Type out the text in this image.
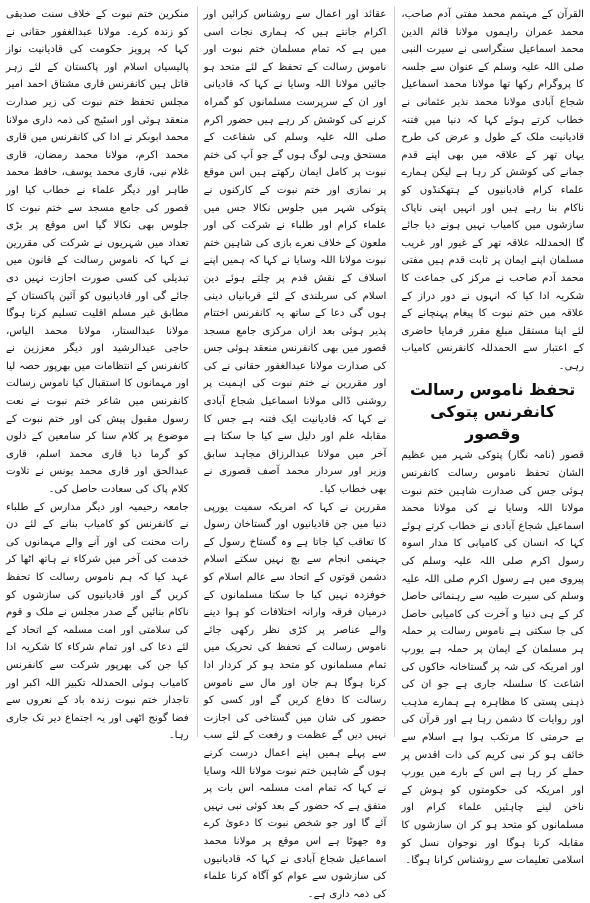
القرآن کے مہتمم محمد مفتی آدم صاحب، محمد عمران راہموں مولانا قائم الدین محمد اسماعیل سنگراسی نے سیرت النبی صلی اللہ علیہ وسلم کے عنوان سے جلسہ کا پروگرام رکھا تھا مولانا محمد اسماعیل شجاع آبادی مولانا محمد نذیر عثمانی نے خطاب کرتے ہوئے کہا کہ دنیا میں فتنہ قادیانیت ملک کے طول و عرض کی طرح یہاں تھر کے علاقہ میں بھی اپنے قدم جمانے کی کوشش کر رہا ہے لیکن ہمارے علماء کرام قادیانیوں کے ہتھکنڈوں کو ناکام بنا رہے ہیں اور انہیں اپنی ناپاک سازشوں میں کامیاب نہیں ہونے دیا جائے گا الحمدللہ علاقہ تھر کے غیور اور غریب مسلمان اپنے ایمان پر ثابت قدم ہیں مفتی محمد آدم صاحب نے مرکز کی جماعت کا شکریہ ادا کیا کہ انہوں نے دور دراز کے علاقہ میں ختم نبوت کا پیغام پہنچانے کے لئے اپنا مستقل مبلغ مقرر فرمایا حاضری کے اعتبار سے الحمدللہ کانفرنس کامیاب رہی۔

تحفظ ناموس رسالت کانفرنس پتوکی وقصور

قصور (نامہ نگار) پتوکی شہر میں عظیم الشان تحفظ ناموس رسالت کانفرنس ہوئی جس کی صدارت شاہین ختم نبوت مولانا اللہ وسایا نے کی مولانا محمد اسماعیل شجاع آبادی نے خطاب کرتے ہوئے کہا کہ انسان کی کامیابی کا مدار اسوہ رسول اکرم صلی اللہ علیہ وسلم کی پیروی میں ہے رسول اکرم صلی اللہ علیہ وسلم کی سیرت طیبہ سے رہنمائی حاصل کر کے ہی دنیا و آخرت کی کامیابی حاصل کی جا سکتی ہے ناموس رسالت پر حملہ ہر مسلمان کے ایمان پر حملہ ہے یورپ اور امریکہ کی شہ پر گستاخانہ خاکوں کی اشاعت کا سلسلہ جاری ہے جو ان کی ذہنی پستی کا مظاہرہ ہے ہمارے مذہب اور روایات کا دشمن رہا ہے اور قرآن کی بے حرمتی کا مرتکب ہوا ہے اسلام سے خائف ہو کر نبی کریم کی ذات اقدس پر حملے کر رہا ہے اس کے بارے میں یورپ اور امریکہ کی حکومتوں کو ہوش کے ناخن لینے چاہئیں علماء کرام اور مسلمانوں کو متحد ہو کر ان سازشوں کا مقابلہ کرنا ہوگا اور نوجوان نسل کو اسلامی تعلیمات سے روشناس کرانا ہوگا۔

عقائد اور اعمال سے روشناس کرائیں اور اکرام جانتے ہیں کہ ہماری نجات اسی میں ہے کہ تمام مسلمان ختم نبوت اور ناموس رسالت کے تحفظ کے لئے متحد ہو جائیں مولانا اللہ وسایا نے کہا کہ قادیانی اور ان کے سرپرست مسلمانوں کو گمراہ کرنے کی کوشش کر رہے ہیں حضور اکرم صلی اللہ علیہ وسلم کی شفاعت کے مستحق وہی لوگ ہوں گے جو آپ کی ختم نبوت پر کامل ایمان رکھتے ہیں اس موقع پر نمازی اور ختم نبوت کے کارکنوں نے پتوکی شہر میں جلوس نکالا جس میں علماء کرام اور طلباء نے شرکت کی اور ملعون کے خلاف نعرے بازی کی شاہین ختم نبوت مولانا اللہ وسایا نے کہا کہ ہمیں اپنے اسلاف کے نقش قدم پر چلتے ہوئے دین اسلام کی سربلندی کے لئے قربانیاں دینی ہوں گی دعا کے ساتھ یہ کانفرنس اختتام پذیر ہوئی بعد ازاں مرکزی جامع مسجد قصور میں بھی کانفرنس منعقد ہوئی جس کی صدارت مولانا عبدالغفور حقانی نے کی اور مقررین نے ختم نبوت کی اہمیت پر روشنی ڈالی مولانا اسماعیل شجاع آبادی نے کہا کہ قادیانیت ایک فتنہ ہے جس کا مقابلہ علم اور دلیل سے کیا جا سکتا ہے آخر میں مولانا عبدالرزاق مجاہد سابق وزیر اور سردار محمد آصف قصوری نے بھی خطاب کیا۔

مقررین نے کہا کہ امریکہ سمیت یورپی دنیا میں جن قادیانیوں اور گستاخان رسول کا تعاقب کیا جاتا ہے وہ گستاخ رسول کے جہنمی انجام سے بچ نہیں سکتے اسلام دشمن قوتوں کے اتحاد سے عالم اسلام کو خوفزدہ نہیں کیا جا سکتا مسلمانوں کے درمیان فرقہ وارانہ اختلافات کو ہوا دینے والے عناصر پر کڑی نظر رکھی جائے ناموس رسالت کے تحفظ کی تحریک میں تمام مسلمانوں کو متحد ہو کر کردار ادا کرنا ہوگا ہم جان اور مال سے ناموس رسالت کا دفاع کریں گے اور کسی کو حضور کی شان میں گستاخی کی اجازت نہیں دیں گے عظمت و رفعت کے لئے سب سے پہلے ہمیں اپنے اعمال درست کرنے ہوں گے شاہین ختم نبوت مولانا اللہ وسایا نے کہا کہ تمام امت مسلمہ اس بات پر متفق ہے کہ حضور کے بعد کوئی نبی نہیں آئے گا اور جو شخص نبوت کا دعویٰ کرے وہ جھوٹا ہے اس موقع پر مولانا محمد اسماعیل شجاع آبادی نے کہا کہ قادیانیوں کی سازشوں سے عوام کو آگاہ کرنا علماء کی ذمہ داری ہے۔

منکرین ختم نبوت کے خلاف سنت صدیقی کو زندہ کرے۔ مولانا عبدالغفور حقانی نے کہا کہ پرویز حکومت کی قادیانیت نواز پالیسیاں اسلام اور پاکستان کے لئے زہر قاتل ہیں کانفرنس قاری مشتاق احمد امیر مجلس تحفظ ختم نبوت کی زیر صدارت منعقد ہوئی اور اسٹیج کی ذمہ داری مولانا محمد ابوبکر نے ادا کی کانفرنس میں قاری محمد اکرم، مولانا محمد رمضان، قاری غلام نبی، قاری محمد یوسف، حافظ محمد طاہر اور دیگر علماء نے خطاب کیا اور قصور کی جامع مسجد سے ختم نبوت کا جلوس بھی نکالا گیا اس موقع پر بڑی تعداد میں شہریوں نے شرکت کی مقررین نے کہا کہ ناموس رسالت کے قانون میں تبدیلی کی کسی صورت اجازت نہیں دی جائے گی اور قادیانیوں کو آئین پاکستان کے مطابق غیر مسلم اقلیت تسلیم کرنا ہوگا مولانا عبدالستار، مولانا محمد الیاس، حاجی عبدالرشید اور دیگر معززین نے کانفرنس کے انتظامات میں بھرپور حصہ لیا اور مہمانوں کا استقبال کیا ناموس رسالت کانفرنس میں شاعر ختم نبوت نے نعت رسول مقبول پیش کی اور ختم نبوت کے موضوع پر کلام سنا کر سامعین کے دلوں کو گرما دیا قاری محمد اسلم، قاری عبدالحق اور قاری محمد یونس نے تلاوت کلام پاک کی سعادت حاصل کی۔

جامعہ رحیمیہ اور دیگر مدارس کے طلباء نے کانفرنس کو کامیاب بنانے کے لئے دن رات محنت کی اور آنے والے مہمانوں کی خدمت کی آخر میں شرکاء نے ہاتھ اٹھا کر عہد کیا کہ ہم ناموس رسالت کا تحفظ کریں گے اور قادیانیوں کی سازشوں کو ناکام بنائیں گے صدر مجلس نے ملک و قوم کی سلامتی اور امت مسلمہ کے اتحاد کے لئے دعا کی اور تمام شرکاء کا شکریہ ادا کیا جن کی بھرپور شرکت سے کانفرنس کامیاب ہوئی الحمدللہ تکبیر اللہ اکبر اور تاجدار ختم نبوت زندہ باد کے نعروں سے فضا گونج اٹھی اور یہ اجتماع دیر تک جاری رہا۔
